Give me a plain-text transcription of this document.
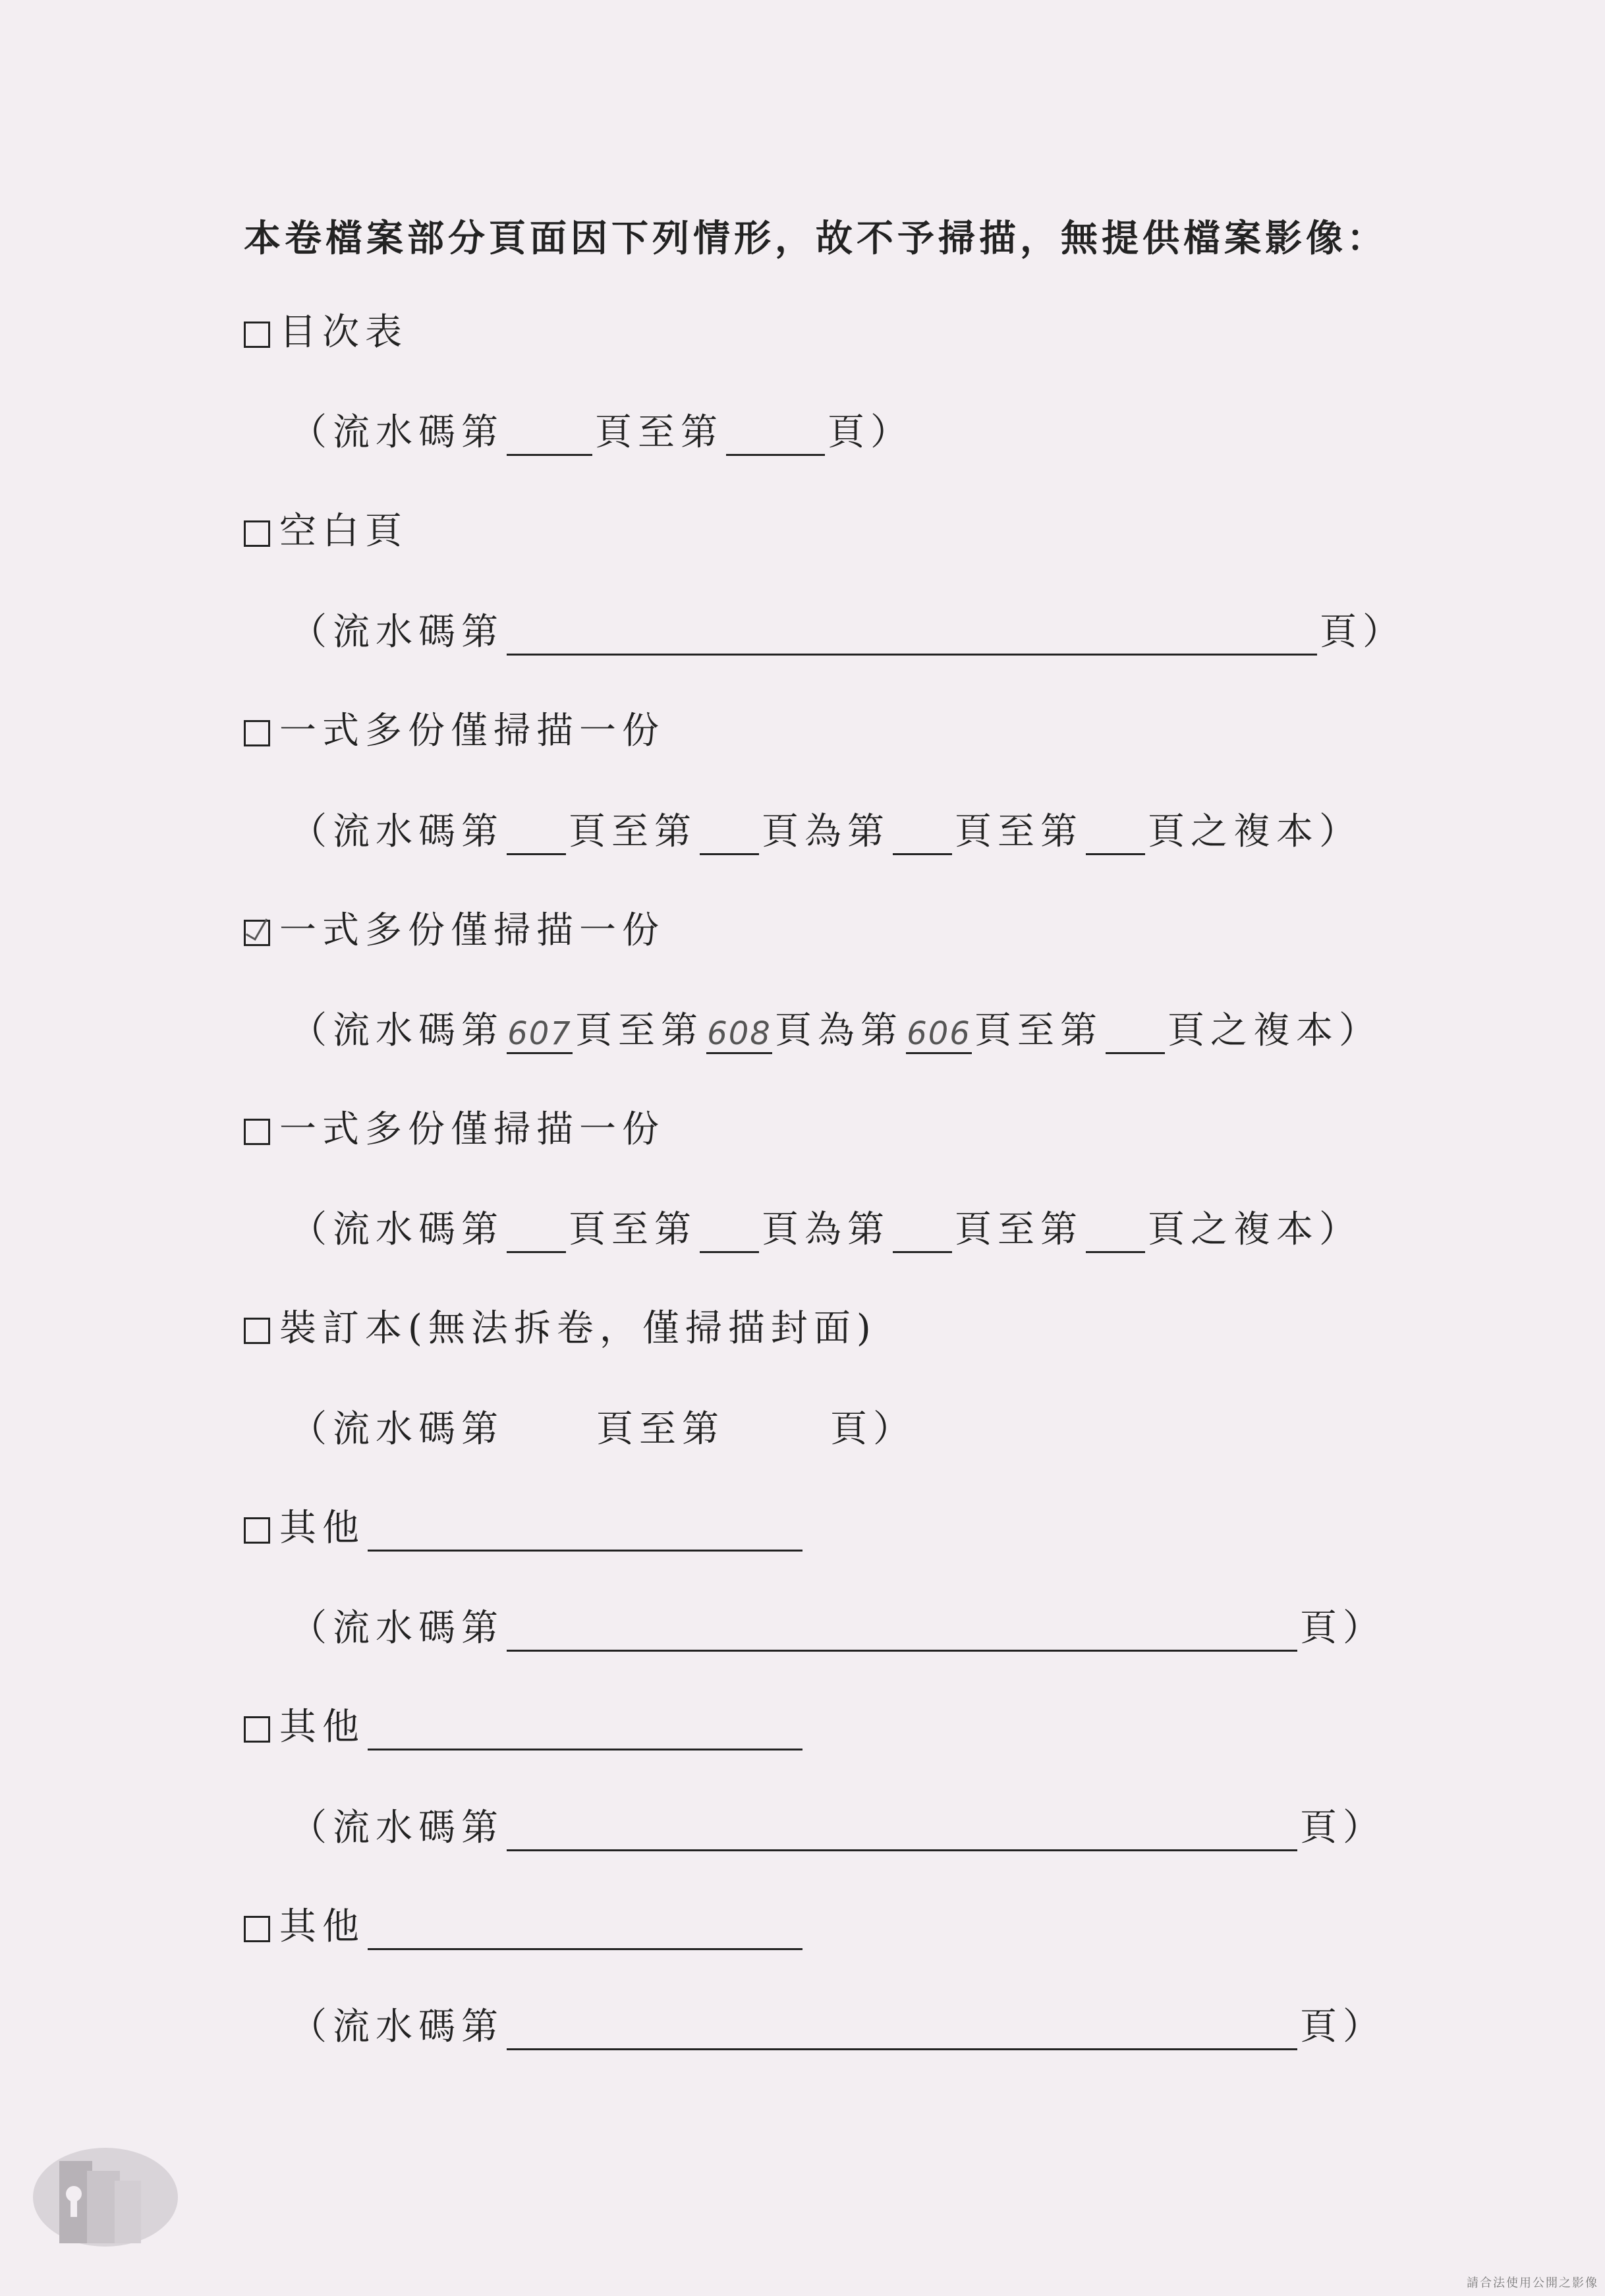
本卷檔案部分頁面因下列情形，故不予掃描，無提供檔案影像：
目次表
（流水碼第 頁至第	頁）
空白頁
（流水碼第	頁）
一式多份僅掃描一份
（流水碼第 頁至第 頁為第 頁至第 頁之複本）
一式多份僅掃描一份
（流水碼第 607 頁至第 608 頁為第 606 頁至第 頁之複本）
一式多份僅掃描一份
（流水碼第 頁至第 頁為第 頁至第 頁之複本）
裝訂本(無法拆卷，僅掃描封面)
（流水碼第	頁至第	頁）
其他
（流水碼第	頁）
其他
（流水碼第	頁）
其他
（流水碼第	頁）
請合法使用公開之影像
